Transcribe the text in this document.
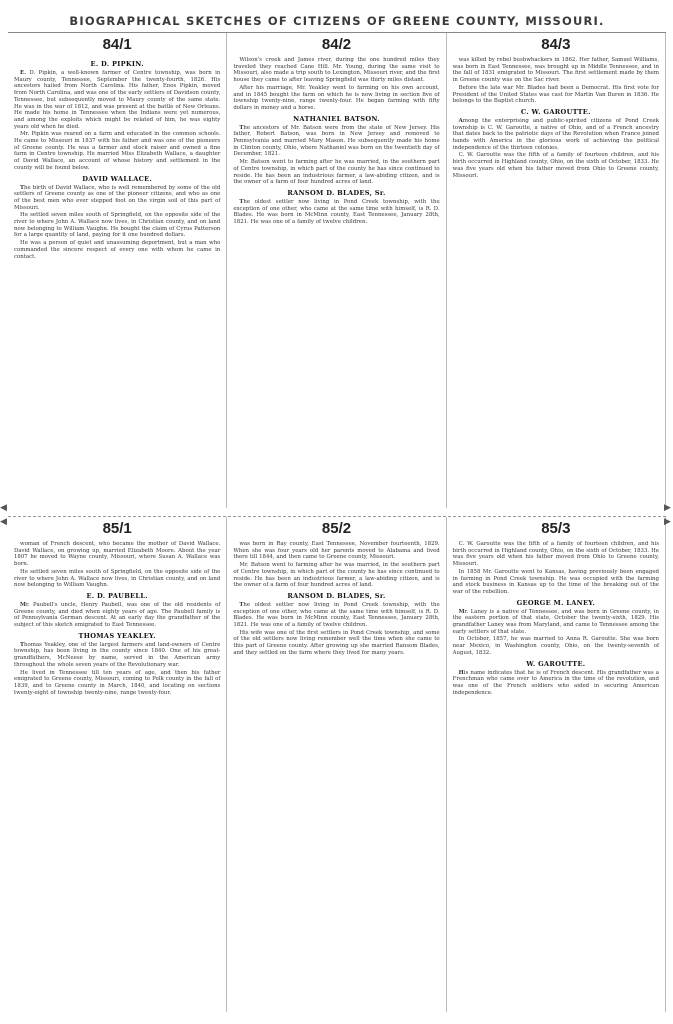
BIOGRAPHICAL SKETCHES OF CITIZENS OF GREENE COUNTY, MISSOURI.
84/1
E. D. PIPKIN.

E. D. Pipkin, a well-known farmer of Centre township, was born in Maury county, Tennessee, September the twenty-fourth, 1826. His ancestors hailed from North Carolina. His father, Enos Pipkin, moved from North Carolina, and was one of the early settlers of Davidson county, Tennessee, but subsequently moved to Maury county of the same state. He was in the war of 1812, and was present at the battle of New Orleans. He made his home in Tennessee when the Indians were yet numerous, and among the exploits which might be related of him, he was eighty years old when he died.

Mr. Pipkin was reared on a farm and educated in the common schools. He came to Missouri in 1837 with his father and was one of the pioneers of Greene county. He was a farmer and stock raiser and owned a fine farm in Centre township. He married Miss Elizabeth Wallace, a daughter of David Wallace, an account of whose history and settlement in the county will be found below.

DAVID WALLACE.

The birth of David Wallace, who is well remembered by some of the old settlers of Greene county as one of the pioneer citizens, and who as one of the best men who ever stepped foot on the virgin soil of this part of Missouri.

He settled seven miles south of Springfield, on the opposite side of the river to where John A. Wallace now lives, in Christian county, and on land now belonging to William Vaughn. He bought the claim of Cyrus Patterson for a large quantity of land, paying for it one hundred dollars.

He was a person of quiet and unassuming deportment, but a man who commanded the sincere respect of every one with whom he came in contact.

84/2

Wilson's creek and James river, during the one hundred miles they traveled they reached Cane Hill. Mr. Young, during the same visit to Missouri, also made a trip south to Lexington, Missouri river, and the first house they came to after leaving Springfield was thirty miles distant.

After his marriage, Mr. Yeakley went to farming on his own account, and in 1845 bought the farm on which he is now living in section five of township twenty-nine, range twenty-four. He began farming with fifty dollars in money and a horse.

NATHANIEL BATSON.

The ancestors of Mr. Batson were from the state of New Jersey. His father, Robert Batson, was born in New Jersey and removed to Pennsylvania and married Mary Mason. He subsequently made his home in Clinton county, Ohio, where Nathaniel was born on the twentieth day of December, 1821.

Mr. Batson went to farming after he was married, in the southern part of Centre township, in which part of the county he has since continued to reside. He has been an industrious farmer, a law-abiding citizen, and is the owner of a farm of four hundred acres of land.

RANSOM D. BLADES, Sr.

The oldest settler now living in Pond Creek township, with the exception of one other, who came at the same time with himself, is R. D. Blades. He was born in McMinn county, East Tennessee, January 28th, 1821. He was one of a family of twelve children.

84/3

was killed by rebel bushwhackers in 1862. Her father, Samuel Williams, was born in East Tennessee, was brought up in Middle Tennessee, and in the fall of 1831 emigrated to Missouri. The first settlement made by them in Greene county was on the Sac river.

Before the late war Mr. Blades had been a Democrat. His first vote for President of the United States was cast for Martin Van Buren in 1836. He belongs to the Baptist church.

C. W. GAROUTTE.

Among the enterprising and public-spirited citizens of Pond Creek township is C. W. Garoutte, a native of Ohio, and of a French ancestry that dates back to the patriotic days of the Revolution when France joined hands with America in the glorious work of achieving the political independence of the thirteen colonies.

C. W. Garoutte was the fifth of a family of fourteen children, and his birth occurred in Highland county, Ohio, on the sixth of October, 1833. He was five years old when his father moved from Ohio to Greene county, Missouri.

◀	▶
85/1

woman of French descent, who became the mother of David Wallace. David Wallace, on growing up, married Elizabeth Moore. About the year 1807 he moved to Wayne county, Missouri, where Susan A. Wallace was born.

He settled seven miles south of Springfield, on the opposite side of the river to where John A. Wallace now lives, in Christian county, and on land now belonging to William Vaughn.

E. D. PAUBELL.

Mr. Paubell's uncle, Henry Paubell, was one of the old residents of Greene county, and died when eighty years of age. The Paubell family is of Pennsylvania German descent. At an early day the grandfather of the subject of this sketch emigrated to East Tennessee.

THOMAS YEAKLEY.

Thomas Yeakley, one of the largest farmers and land-owners of Centre township, has been living in the county since 1840. One of his great-grandfathers, McNeese by name, served in the American army throughout the whole seven years of the Revolutionary war.

He lived in Tennessee till ten years of age, and then his father emigrated to Greene county, Missouri, coming to Polk county in the fall of 1839, and to Greene county in March, 1840, and locating on sections twenty-eight of township twenty-nine, range twenty-four.

85/2

was born in Ray county, East Tennessee, November fourteenth, 1829. When she was four years old her parents moved to Alabama and lived there till 1844, and then came to Greene county, Missouri.

Mr. Batson went to farming after he was married, in the southern part of Centre township, in which part of the county he has since continued to reside. He has been an industrious farmer, a law-abiding citizen, and is the owner of a farm of four hundred acres of land.

RANSOM D. BLADES, Sr.

The oldest settler now living in Pond Creek township, with the exception of one other, who came at the same time with himself, is R. D. Blades. He was born in McMinn county, East Tennessee, January 28th, 1821. He was one of a family of twelve children.

His wife was one of the first settlers in Pond Creek township, and some of the old settlers now living remember well the time when she came to this part of Greene county. After growing up she married Ransom Blades, and they settled on the farm where they lived for many years.

85/3

C. W. Garoutte was the fifth of a family of fourteen children, and his birth occurred in Highland county, Ohio, on the sixth of October, 1833. He was five years old when his father moved from Ohio to Greene county, Missouri.

In 1858 Mr. Garoutte went to Kansas, having previously been engaged in farming in Pond Creek township. He was occupied with the farming and stock business in Kansas up to the time of the breaking out of the war of the rebellion.

GEORGE M. LANEY.

Mr. Laney is a native of Tennessee, and was born in Greene county, in the eastern portion of that state, October the twenty-sixth, 1829. His grandfather Laney was from Maryland, and came to Tennessee among the early settlers of that state.

In October, 1857, he was married to Anna R. Garoutte. She was born near Mexico, in Washington county, Ohio, on the twenty-seventh of August, 1832.

W. GAROUTTE.

His name indicates that he is of French descent. His grandfather was a Frenchman who came over to America in the time of the revolution, and was one of the French soldiers who aided in securing American independence.

◀	▶
